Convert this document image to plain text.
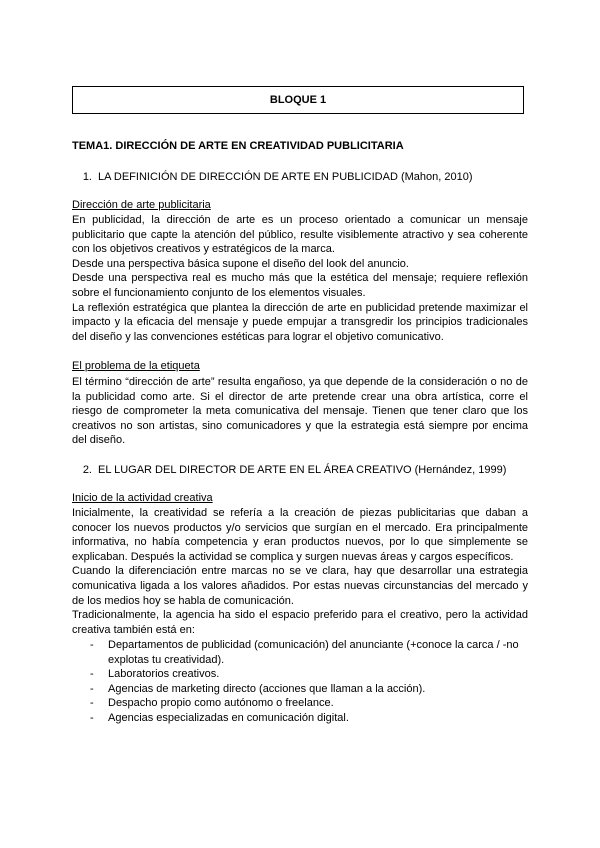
BLOQUE 1
TEMA1. DIRECCIÓN DE ARTE EN CREATIVIDAD PUBLICITARIA
1. LA DEFINICIÓN DE DIRECCIÓN DE ARTE EN PUBLICIDAD (Mahon, 2010)
Dirección de arte publicitaria

En publicidad, la dirección de arte es un proceso orientado a comunicar un mensaje publicitario que capte la atención del público, resulte visiblemente atractivo y sea coherente con los objetivos creativos y estratégicos de la marca.

Desde una perspectiva básica supone el diseño del look del anuncio.

Desde una perspectiva real es mucho más que la estética del mensaje; requiere reflexión sobre el funcionamiento conjunto de los elementos visuales.

La reflexión estratégica que plantea la dirección de arte en publicidad pretende maximizar el impacto y la eficacia del mensaje y puede empujar a transgredir los principios tradicionales del diseño y las convenciones estéticas para lograr el objetivo comunicativo.

El problema de la etiqueta

El término “dirección de arte” resulta engañoso, ya que depende de la consideración o no de la publicidad como arte. Si el director de arte pretende crear una obra artística, corre el riesgo de comprometer la meta comunicativa del mensaje. Tienen que tener claro que los creativos no son artistas, sino comunicadores y que la estrategia está siempre por encima del diseño.

2. EL LUGAR DEL DIRECTOR DE ARTE EN EL ÁREA CREATIVO (Hernández, 1999)
Inicio de la actividad creativa

Inicialmente, la creatividad se refería a la creación de piezas publicitarias que daban a conocer los nuevos productos y/o servicios que surgían en el mercado. Era principalmente informativa, no había competencia y eran productos nuevos, por lo que simplemente se explicaban. Después la actividad se complica y surgen nuevas áreas y cargos específicos.

Cuando la diferenciación entre marcas no se ve clara, hay que desarrollar una estrategia comunicativa ligada a los valores añadidos. Por estas nuevas circunstancias del mercado y de los medios hoy se habla de comunicación.

Tradicionalmente, la agencia ha sido el espacio preferido para el creativo, pero la actividad creativa también está en:

- Departamentos de publicidad (comunicación) del anunciante (+conoce la carca / -no explotas tu creatividad).
- Laboratorios creativos.
- Agencias de marketing directo (acciones que llaman a la acción).
- Despacho propio como autónomo o freelance.
- Agencias especializadas en comunicación digital.
